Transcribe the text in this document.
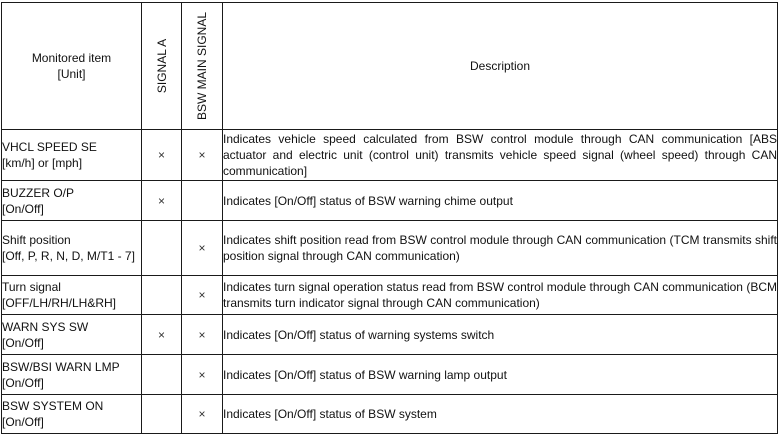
Monitored item
[Unit]	SIGNAL A	BSW MAIN SIGNAL	Description

VHCL SPEED SE
[km/h] or [mph]	×	×	Indicates vehicle speed calculated from BSW control module through CAN communication [ABS actuator and electric unit (control unit) transmits vehicle speed signal (wheel speed) through CAN communication]

BUZZER O/P
[On/Off]	×		Indicates [On/Off] status of BSW warning chime output

Shift position
[Off, P, R, N, D, M/T1 - 7]		×	Indicates shift position read from BSW control module through CAN communication (TCM transmits shift position signal through CAN communication)

Turn signal
[OFF/LH/RH/LH&RH]		×	Indicates turn signal operation status read from BSW control module through CAN communication (BCM transmits turn indicator signal through CAN communication)

WARN SYS SW
[On/Off]	×	×	Indicates [On/Off] status of warning systems switch

BSW/BSI WARN LMP
[On/Off]		×	Indicates [On/Off] status of BSW warning lamp output

BSW SYSTEM ON
[On/Off]		×	Indicates [On/Off] status of BSW system
